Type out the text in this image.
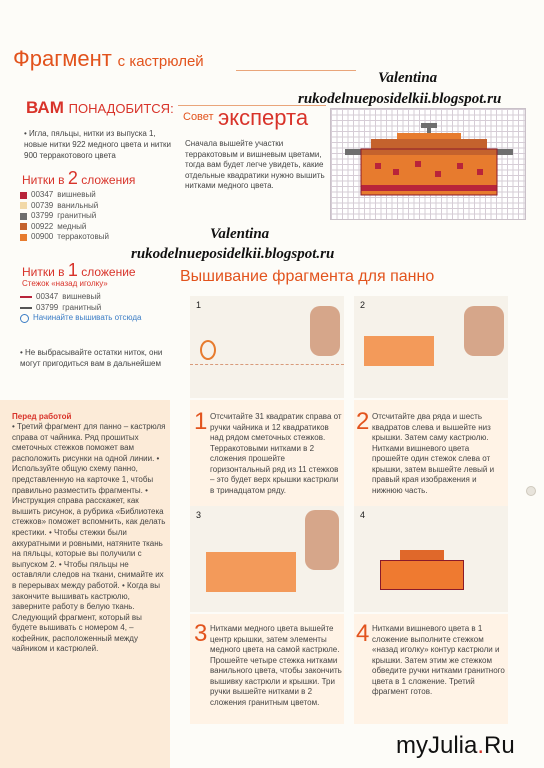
Фрагмент с кастрюлей
Valentina
rukodelnueposidelkii.blogspot.ru
ВАМ ПОНАДОБИТСЯ:
• Игла, пяльцы, нитки из выпуска 1, новые нитки 922 медного цвета и нитки 900 терракотового цвета
Нитки в 2 сложения
00347 вишневый
00739 ванильный
03799 гранитный
00922 медный
00900 терракотовый
Нитки в 1 сложение
Стежок «назад иголку»
00347 вишневый
03799 гранитный
Начинайте вышивать отсюда
• Не выбрасывайте остатки ниток, они могут пригодиться вам в дальнейшем
Совет эксперта
Сначала вышейте участки терракотовым и вишневым цветами, тогда вам будет легче увидеть, какие отдельные квадратики нужно вышить нитками медного цвета.
Valentina
rukodelnueposidelkii.blogspot.ru
Вышивание фрагмента для панно
Перед работой
• Третий фрагмент для панно – кастрюля справа от чайника. Ряд прошитых сметочных стежков поможет вам расположить рисунки на одной линии. • Используйте общую схему панно, представленную на карточке 1, чтобы правильно разместить фрагменты. • Инструкция справа расскажет, как вышить рисунок, а рубрика «Библиотека стежков» поможет вспомнить, как делать крестики. • Чтобы стежки были аккуратными и ровными, натяните ткань на пяльцы, которые вы получили с выпуском 2. • Чтобы пяльцы не оставляли следов на ткани, снимайте их в перерывах между работой. • Когда вы закончите вышивать кастрюлю, заверните работу в белую ткань. Следующий фрагмент, который вы будете вышивать с номером 4, – кофейник, расположенный между чайником и кастрюлей.
1	2
1 Отсчитайте 31 квадратик справа от ручки чайника и 12 квадратиков над рядом сметочных стежков. Терракотовыми нитками в 2 сложения прошейте горизонтальный ряд из 11 стежков – это будет верх крышки кастрюли в тринадцатом ряду.
2 Отсчитайте два ряда и шесть квадратов слева и вышейте низ крышки. Затем саму кастрюлю. Нитками вишневого цвета прошейте один стежок слева от крышки, затем вышейте левый и правый края изображения и нижнюю часть.
3	4
3 Нитками медного цвета вышейте центр крышки, затем элементы медного цвета на самой кастрюле. Прошейте четыре стежка нитками ванильного цвета, чтобы закончить вышивку кастрюли и крышки. Три ручки вышейте нитками в 2 сложения гранитным цветом.
4 Нитками вишневого цвета в 1 сложение выполните стежком «назад иголку» контур кастрюли и крышки. Затем этим же стежком обведите ручки нитками гранитного цвета в 1 сложение. Третий фрагмент готов.
myJulia.Ru
